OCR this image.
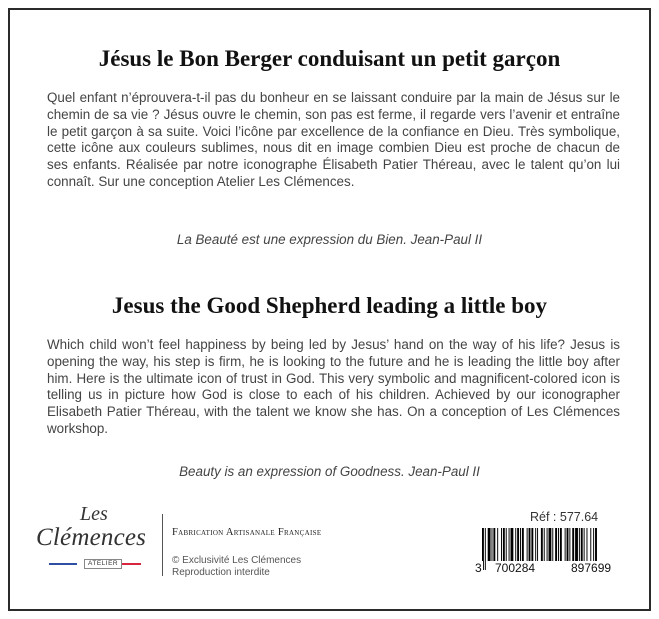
Jésus le Bon Berger conduisant un petit garçon

Quel enfant n’éprouvera-t-il pas du bonheur en se laissant conduire par la main de Jésus sur le chemin de sa vie ? Jésus ouvre le chemin, son pas est ferme, il regarde vers l’avenir et entraîne le petit garçon à sa suite. Voici l’icône par excellence de la confiance en Dieu. Très symbolique, cette icône aux couleurs sublimes, nous dit en image combien Dieu est proche de chacun de ses enfants. Réalisée par notre iconographe Élisabeth Patier Théreau, avec le talent qu’on lui connaît. Sur une conception Atelier Les Clémences.

La Beauté est une expression du Bien. Jean-Paul II

Jesus the Good Shepherd leading a little boy

Which child won’t feel happiness by being led by Jesus’ hand on the way of his life? Jesus is opening the way, his step is firm, he is looking to the future and he is leading the little boy after him. Here is the ultimate icon of trust in God. This very symbolic and magnificent-colored icon is telling us in picture how God is close to each of his children. Achieved by our iconographer Elisabeth Patier Théreau, with the talent we know she has. On a conception of Les Clémences workshop.

Beauty is an expression of Goodness. Jean-Paul II

Les
Clémences
ATELIER
Fabrication Artisanale Française
© Exclusivité Les Clémences
Reproduction interdite
Réf : 577.64
3 700284	897699
